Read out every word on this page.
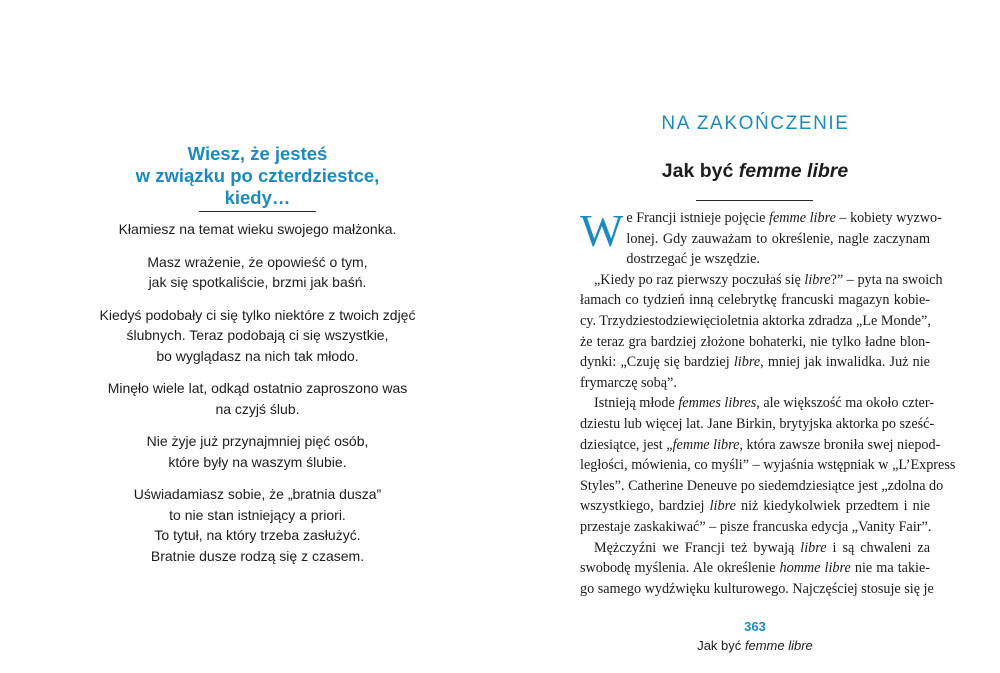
Wiesz, że jesteś
w związku po czterdziestce,
kiedy…
Kłamiesz na temat wieku swojego małżonka.
Masz wrażenie, że opowieść o tym,
jak się spotkaliście, brzmi jak baśń.
Kiedyś podobały ci się tylko niektóre z twoich zdjęć
ślubnych. Teraz podobają ci się wszystkie,
bo wyglądasz na nich tak młodo.
Minęło wiele lat, odkąd ostatnio zaproszono was
na czyjś ślub.
Nie żyje już przynajmniej pięć osób,
które były na waszym ślubie.
Uświadamiasz sobie, że „bratnia dusza”
to nie stan istniejący a priori.
To tytuł, na który trzeba zasłużyć.
Bratnie dusze rodzą się z czasem.
NA ZAKOŃCZENIE
Jak być femme libre
W e Francji istnieje pojęcie femme libre – kobiety wyzwo-
lonej. Gdy zauważam to określenie, nagle zaczynam
dostrzegać je wszędzie.
„Kiedy po raz pierwszy poczułaś się libre?” – pyta na swoich
łamach co tydzień inną celebrytkę francuski magazyn kobie-
cy. Trzydziestodziewięcioletnia aktorka zdradza „Le Monde”,
że teraz gra bardziej złożone bohaterki, nie tylko ładne blon-
dynki: „Czuję się bardziej libre, mniej jak inwalidka. Już nie
frymarczę sobą”.
Istnieją młode femmes libres, ale większość ma około czter-
dziestu lub więcej lat. Jane Birkin, brytyjska aktorka po sześć-
dziesiątce, jest „femme libre, która zawsze broniła swej niepod-
ległości, mówienia, co myśli” – wyjaśnia wstępniak w „L’Express
Styles”. Catherine Deneuve po siedemdziesiątce jest „zdolna do
wszystkiego, bardziej libre niż kiedykolwiek przedtem i nie
przestaje zaskakiwać” – pisze francuska edycja „Vanity Fair”.
Mężczyźni we Francji też bywają libre i są chwaleni za
swobodę myślenia. Ale określenie homme libre nie ma takie-
go samego wydźwięku kulturowego. Najczęściej stosuje się je
363
Jak być femme libre
